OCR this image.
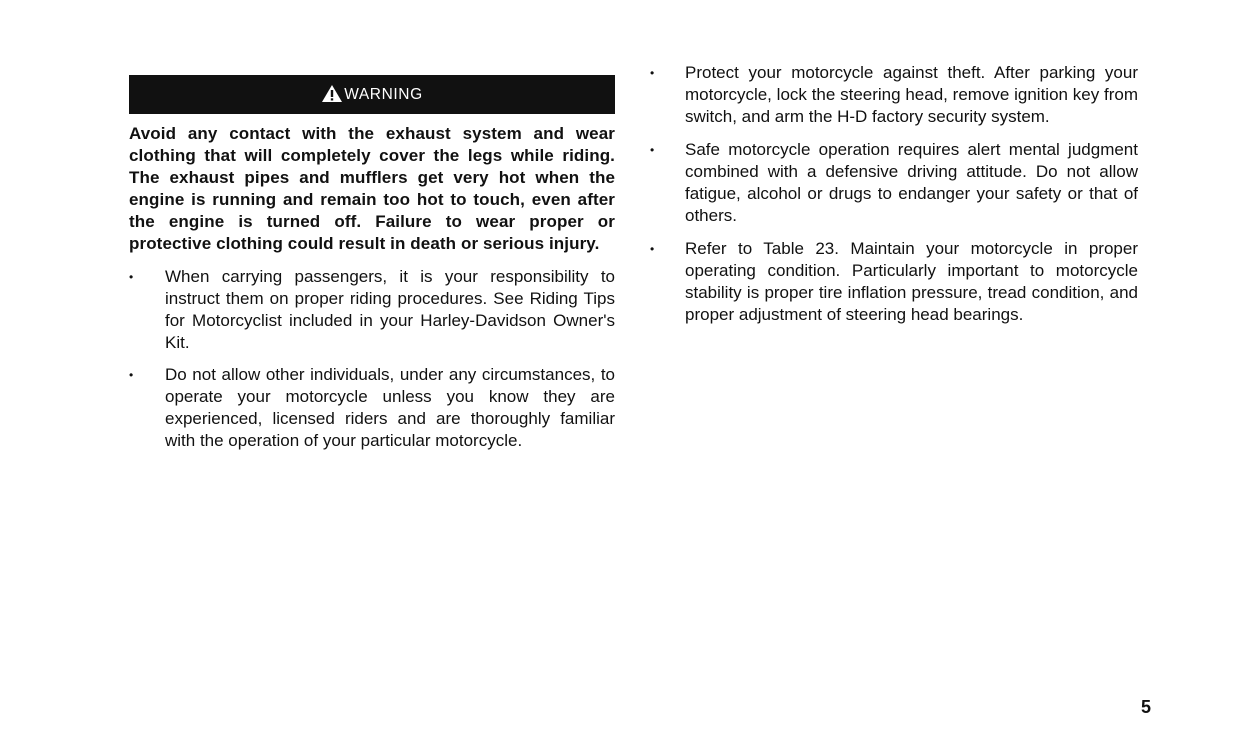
WARNING

Avoid any contact with the exhaust system and wear clothing that will completely cover the legs while riding. The exhaust pipes and mufflers get very hot when the engine is running and remain too hot to touch, even after the engine is turned off. Failure to wear proper or protective clothing could result in death or serious injury.

•	When carrying passengers, it is your responsibility to instruct them on proper riding procedures. See Riding Tips for Motorcyclist included in your Harley-Davidson Owner's Kit.
•	Do not allow other individuals, under any circumstances, to operate your motorcycle unless you know they are experienced, licensed riders and are thoroughly familiar with the operation of your particular motorcycle.
•	Protect your motorcycle against theft. After parking your motorcycle, lock the steering head, remove ignition key from switch, and arm the H-D factory security system.
•	Safe motorcycle operation requires alert mental judgment combined with a defensive driving attitude. Do not allow fatigue, alcohol or drugs to endanger your safety or that of others.
•	Refer to Table 23. Maintain your motorcycle in proper operating condition. Particularly important to motorcycle stability is proper tire inflation pressure, tread condition, and proper adjustment of steering head bearings.
5
